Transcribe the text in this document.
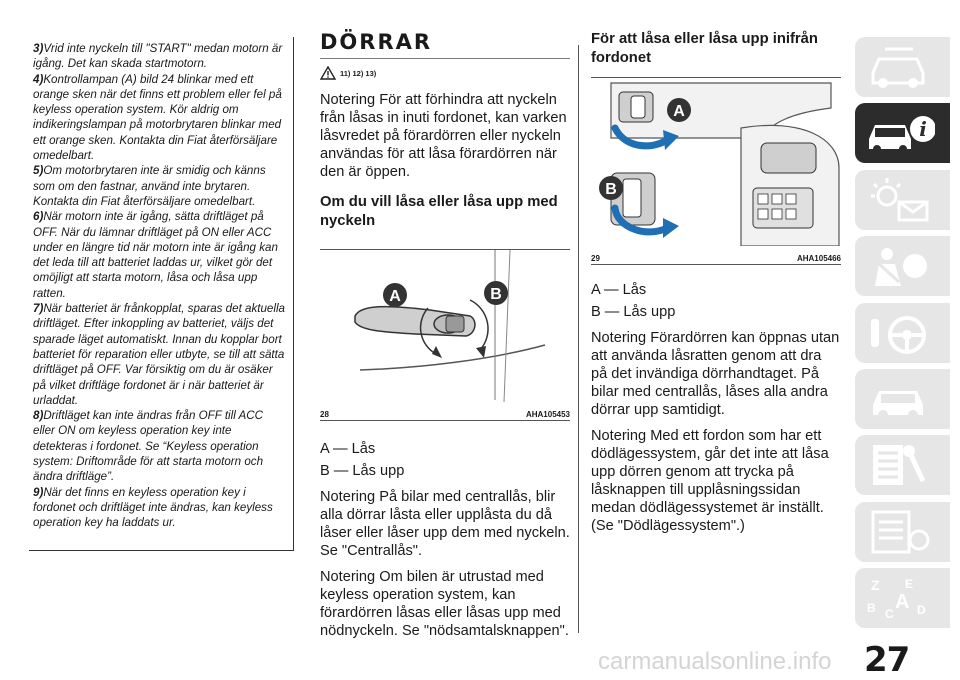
3)Vrid inte nyckeln till "START" medan motorn är igång. Det kan skada startmotorn.

4)Kontrollampan (A) bild 24 blinkar med ett orange sken när det finns ett problem eller fel på keyless operation system. Kör aldrig om indikeringslampan på motorbrytaren blinkar med ett orange sken. Kontakta din Fiat återförsäljare omedelbart.

5)Om motorbrytaren inte är smidig och känns som om den fastnar, använd inte brytaren. Kontakta din Fiat återförsäljare omedelbart.

6)När motorn inte är igång, sätta driftläget på OFF. När du lämnar driftläget på ON eller ACC under en längre tid när motorn inte är igång kan det leda till att batteriet laddas ur, vilket gör det omöjligt att starta motorn, låsa och låsa upp ratten.

7)När batteriet är frånkopplat, sparas det aktuella driftläget. Efter inkoppling av batteriet, väljs det sparade läget automatiskt. Innan du kopplar bort batteriet för reparation eller utbyte, se till att sätta driftläget på OFF. Var försiktig om du är osäker på vilket driftläge fordonet är i när batteriet är urladdat.

8)Driftläget kan inte ändras från OFF till ACC eller ON om keyless operation key inte detekteras i fordonet. Se “Keyless operation system: Driftområde för att starta motorn och ändra driftläge”.

9)När det finns en keyless operation key i fordonet och driftläget inte ändras, kan keyless operation key ha laddats ur.

DÖRRAR
11) 12) 13)

Notering För att förhindra att nyckeln från låsas in inuti fordonet, kan varken låsvredet på förardörren eller nyckeln användas för att låsa förardörren när den är öppen.

Om du vill låsa eller låsa upp med nyckeln

A	B
28	AHA105453

A — Lås

B — Lås upp

Notering På bilar med centrallås, blir alla dörrar låsta eller upplåsta du då låser eller låser upp dem med nyckeln. Se "Centrallås".

Notering Om bilen är utrustad med keyless operation system, kan förardörren låsas eller låsas upp med nödnyckeln. Se "nödsamtalsknappen".

För att låsa eller låsa upp inifrån fordonet

A
B
29	AHA105466

A — Lås

B — Lås upp

Notering Förardörren kan öppnas utan att använda låsratten genom att dra på det invändiga dörrhandtaget. På bilar med centrallås, låses alla andra dörrar upp samtidigt.

Notering Med ett fordon som har ett dödlägessystem, går det inte att låsa upp dörren genom att trycka på låsknappen till upplåsningssidan medan dödlägessystemet är inställt. (Se "Dödlägessystem".)

i
Z E
B C
A D
27
carmanualsonline.info
